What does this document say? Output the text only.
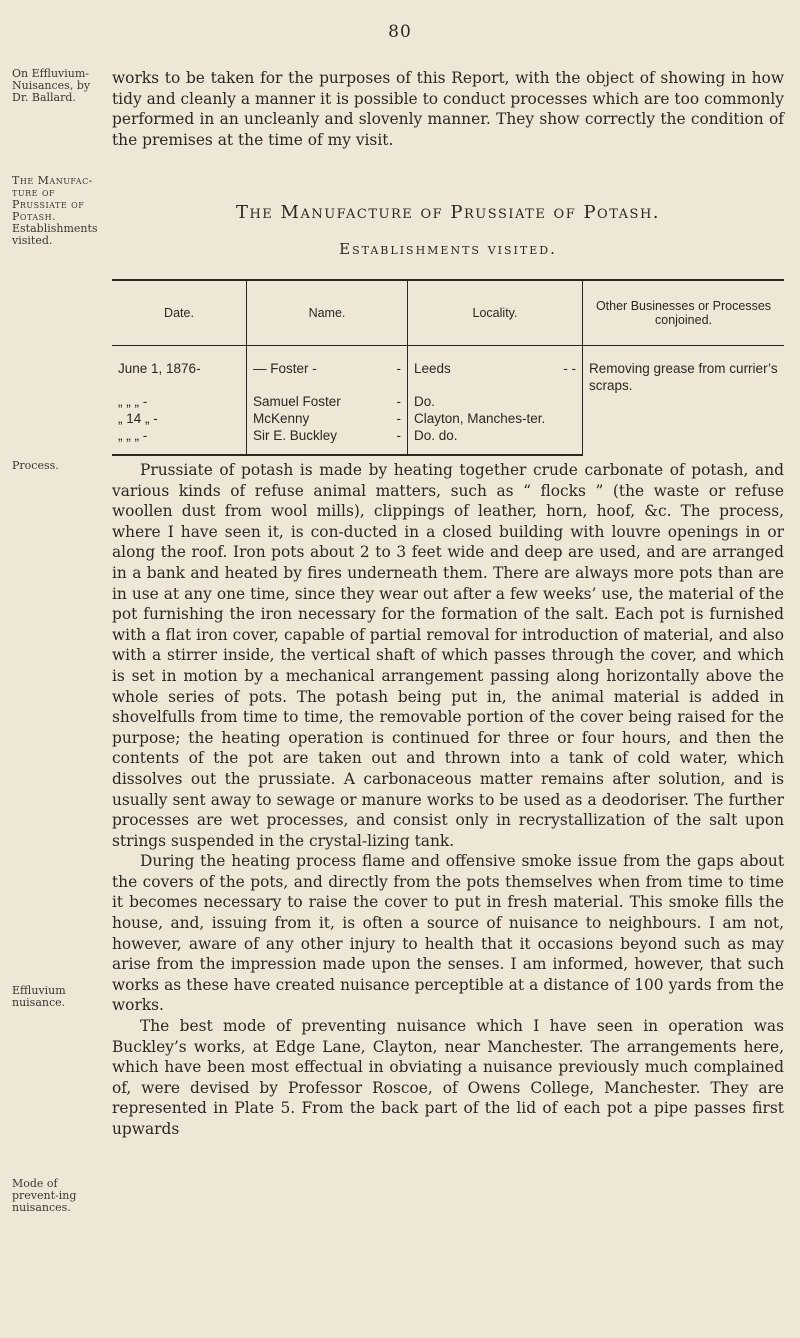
80
On Effluvium-Nuisances, by Dr. Ballard.
The Manufac-ture of Prussiate of Potash.
Establishments visited.
Process.
Effluvium nuisance.
Mode of prevent-ing nuisances.

works to be taken for the purposes of this Report, with the object of showing in how tidy and cleanly a manner it is possible to conduct processes which are too commonly performed in an uncleanly and slovenly manner. They show correctly the condition of the premises at the time of my visit.

The Manufacture of Prussiate of Potash.
Establishments visited.
Date.	Name.	Locality.	Other Businesses or Processes conjoined.
June 1, 1876-	— Foster - -	Leeds - -	Removing grease from currier’s scraps.
„ „ „ -	Samuel Foster -	Do.	
„ 14 „ -	McKenny -	Clayton, Manches-ter.	
„ „ „ -	Sir E. Buckley -	Do. do.	

Prussiate of potash is made by heating together crude carbonate of potash, and various kinds of refuse animal matters, such as “ flocks ” (the waste or refuse woollen dust from wool mills), clippings of leather, horn, hoof, &c. The process, where I have seen it, is con-ducted in a closed building with louvre openings in or along the roof. Iron pots about 2 to 3 feet wide and deep are used, and are arranged in a bank and heated by fires underneath them. There are always more pots than are in use at any one time, since they wear out after a few weeks’ use, the material of the pot furnishing the iron necessary for the formation of the salt. Each pot is furnished with a flat iron cover, capable of partial removal for introduction of material, and also with a stirrer inside, the vertical shaft of which passes through the cover, and which is set in motion by a mechanical arrangement passing along horizontally above the whole series of pots. The potash being put in, the animal material is added in shovelfulls from time to time, the removable portion of the cover being raised for the purpose; the heating operation is continued for three or four hours, and then the contents of the pot are taken out and thrown into a tank of cold water, which dissolves out the prussiate. A carbonaceous matter remains after solution, and is usually sent away to sewage or manure works to be used as a deodoriser. The further processes are wet processes, and consist only in recrystallization of the salt upon strings suspended in the crystal-lizing tank.

During the heating process flame and offensive smoke issue from the gaps about the covers of the pots, and directly from the pots themselves when from time to time it becomes necessary to raise the cover to put in fresh material. This smoke fills the house, and, issuing from it, is often a source of nuisance to neighbours. I am not, however, aware of any other injury to health that it occasions beyond such as may arise from the impression made upon the senses. I am informed, however, that such works as these have created nuisance perceptible at a distance of 100 yards from the works.

The best mode of preventing nuisance which I have seen in operation was Buckley’s works, at Edge Lane, Clayton, near Manchester. The arrangements here, which have been most effectual in obviating a nuisance previously much complained of, were devised by Professor Roscoe, of Owens College, Manchester. They are represented in Plate 5. From the back part of the lid of each pot a pipe passes first upwards
